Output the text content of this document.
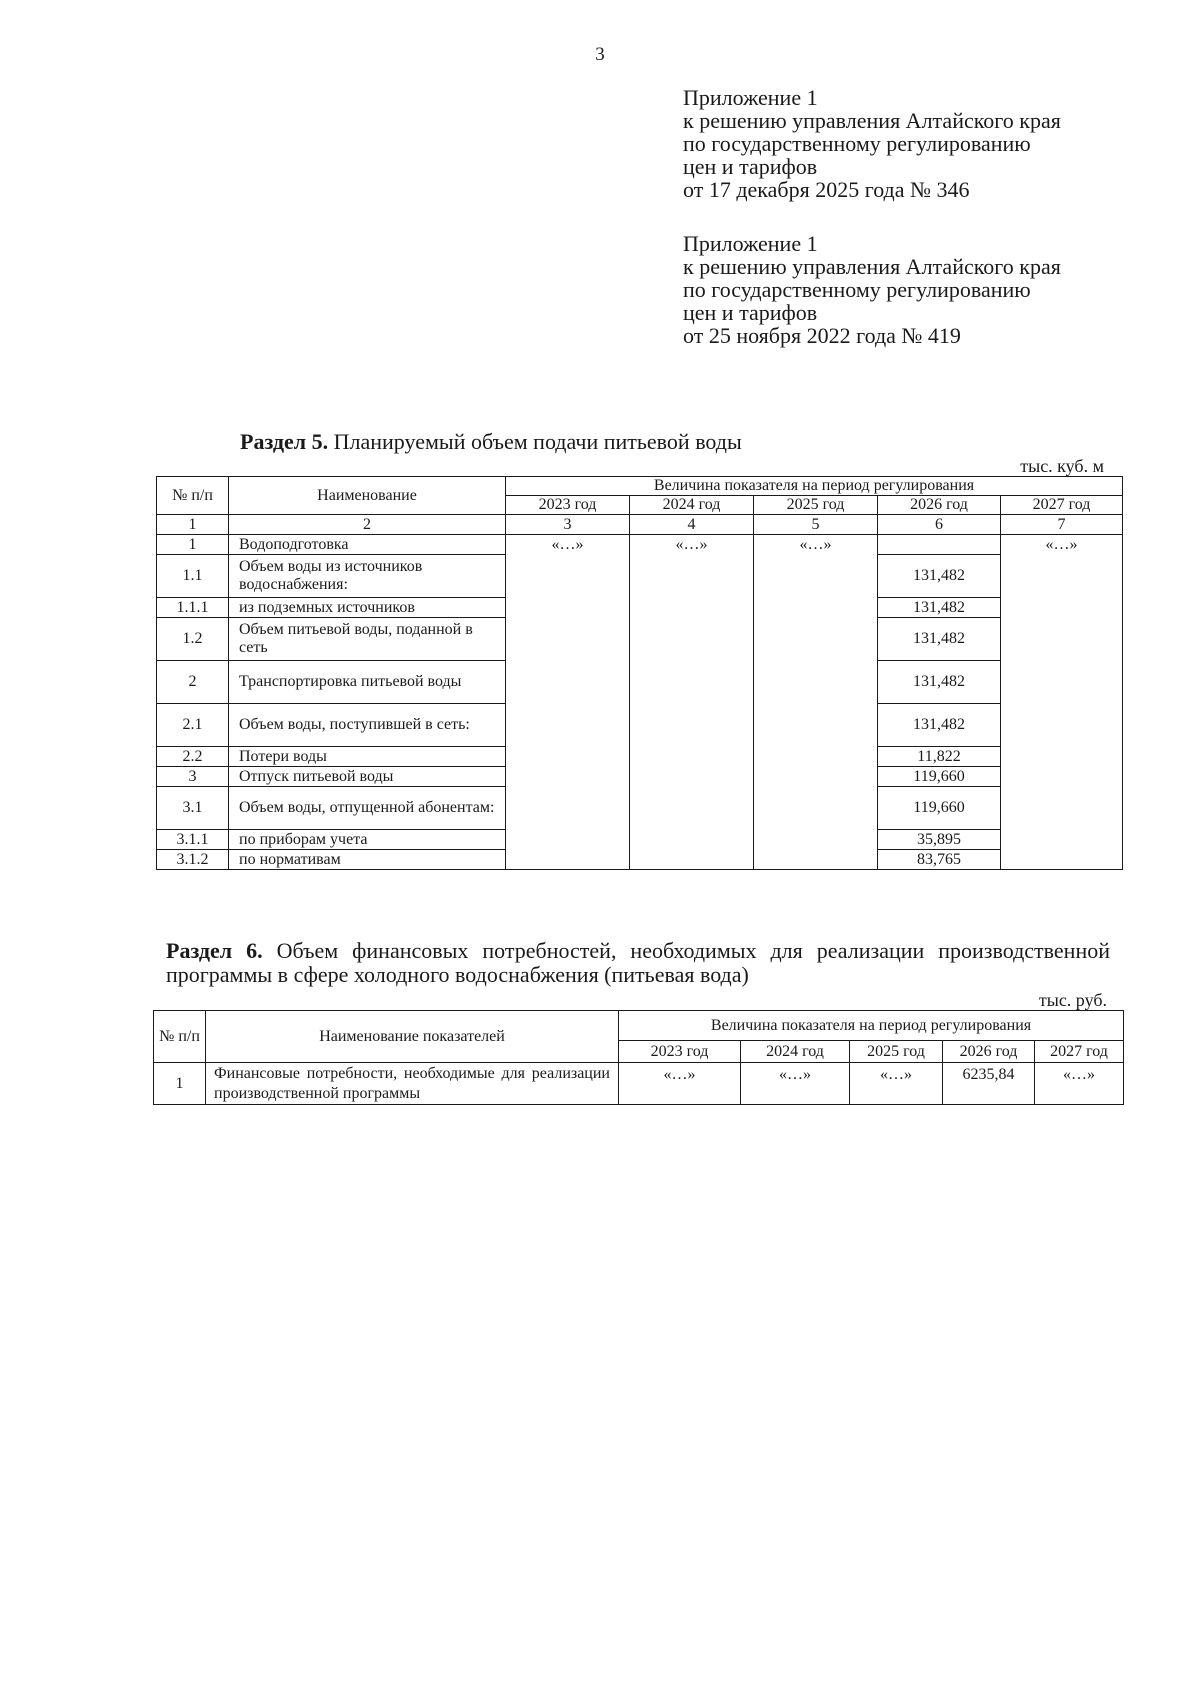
3
Приложение 1
к решению управления Алтайского края
по государственному регулированию
цен и тарифов
от 17 декабря 2025 года № 346
Приложение 1
к решению управления Алтайского края
по государственному регулированию
цен и тарифов
от 25 ноября 2022 года № 419
Раздел 5. Планируемый объем подачи питьевой воды
тыс. куб. м
№ п/п	Наименование	Величина показателя на период регулирования				
		2023 год	2024 год	2025 год	2026 год	2027 год
1	2	3	4	5	6	7
1	Водоподготовка	«…»	«…»	«…»		«…»
1.1	Объем воды из источников водоснабжения:				131,482	
1.1.1	из подземных источников				131,482	
1.2	Объем питьевой воды, поданной в сеть				131,482	
2	Транспортировка питьевой воды				131,482	
2.1	Объем воды, поступившей в сеть:				131,482	
2.2	Потери воды				11,822	
3	Отпуск питьевой воды				119,660	
3.1	Объем воды, отпущенной абонентам:				119,660	
3.1.1	по приборам учета				35,895	
3.1.2	по нормативам				83,765	
Раздел 6. Объем финансовых потребностей, необходимых для реализации производственной программы в сфере холодного водоснабжения (питьевая вода)
тыс. руб.
№ п/п	Наименование показателей	Величина показателя на период регулирования				
		2023 год	2024 год	2025 год	2026 год	2027 год
1	Финансовые потребности, необходимые для реализации производственной программы	«…»	«…»	«…»	6235,84	«…»
